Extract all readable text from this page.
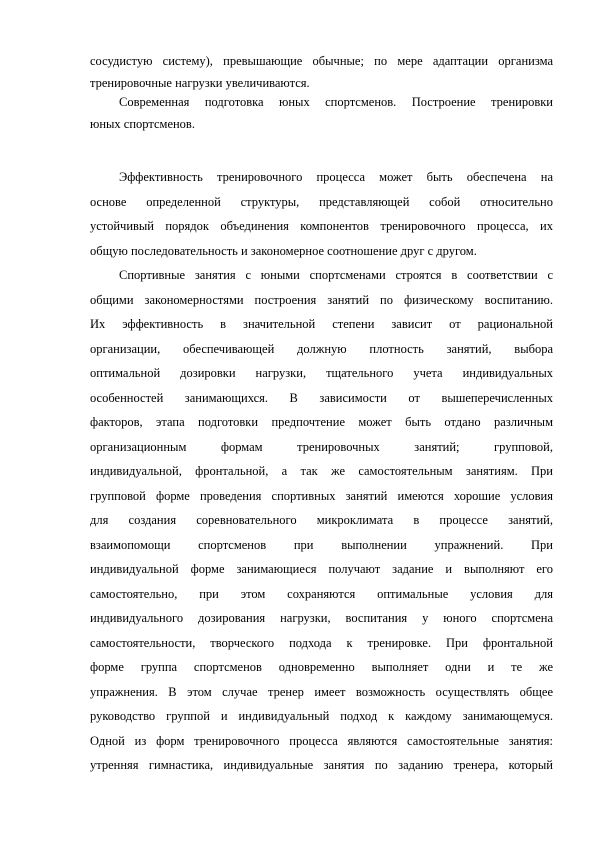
сосудистую систему), превышающие обычные; по мере адаптации организма
тренировочные нагрузки увеличиваются.
Современная подготовка юных спортсменов. Построение тренировки
юных спортсменов.
Эффективность тренировочного процесса может быть обеспечена на
основе определенной структуры, представляющей собой относительно
устойчивый порядок объединения компонентов тренировочного процесса, их
общую последовательность и закономерное соотношение друг с другом.
Спортивные занятия с юными спортсменами строятся в соответствии с
общими закономерностями построения занятий по физическому воспитанию.
Их эффективность в значительной степени зависит от рациональной
организации, обеспечивающей должную плотность занятий, выбора
оптимальной дозировки нагрузки, тщательного учета индивидуальных
особенностей занимающихся. В зависимости от вышеперечисленных
факторов, этапа подготовки предпочтение может быть отдано различным
организационным формам тренировочных занятий; групповой,
индивидуальной, фронтальной, а так же самостоятельным занятиям. При
групповой форме проведения спортивных занятий имеются хорошие условия
для создания соревновательного микроклимата в процессе занятий,
взаимопомощи спортсменов при выполнении упражнений. При
индивидуальной форме занимающиеся получают задание и выполняют его
самостоятельно, при этом сохраняются оптимальные условия для
индивидуального дозирования нагрузки, воспитания у юного спортсмена
самостоятельности, творческого подхода к тренировке. При фронтальной
форме группа спортсменов одновременно выполняет одни и те же
упражнения. В этом случае тренер имеет возможность осуществлять общее
руководство группой и индивидуальный подход к каждому занимающемуся.
Одной из форм тренировочного процесса являются самостоятельные занятия:
утренняя гимнастика, индивидуальные занятия по заданию тренера, который
